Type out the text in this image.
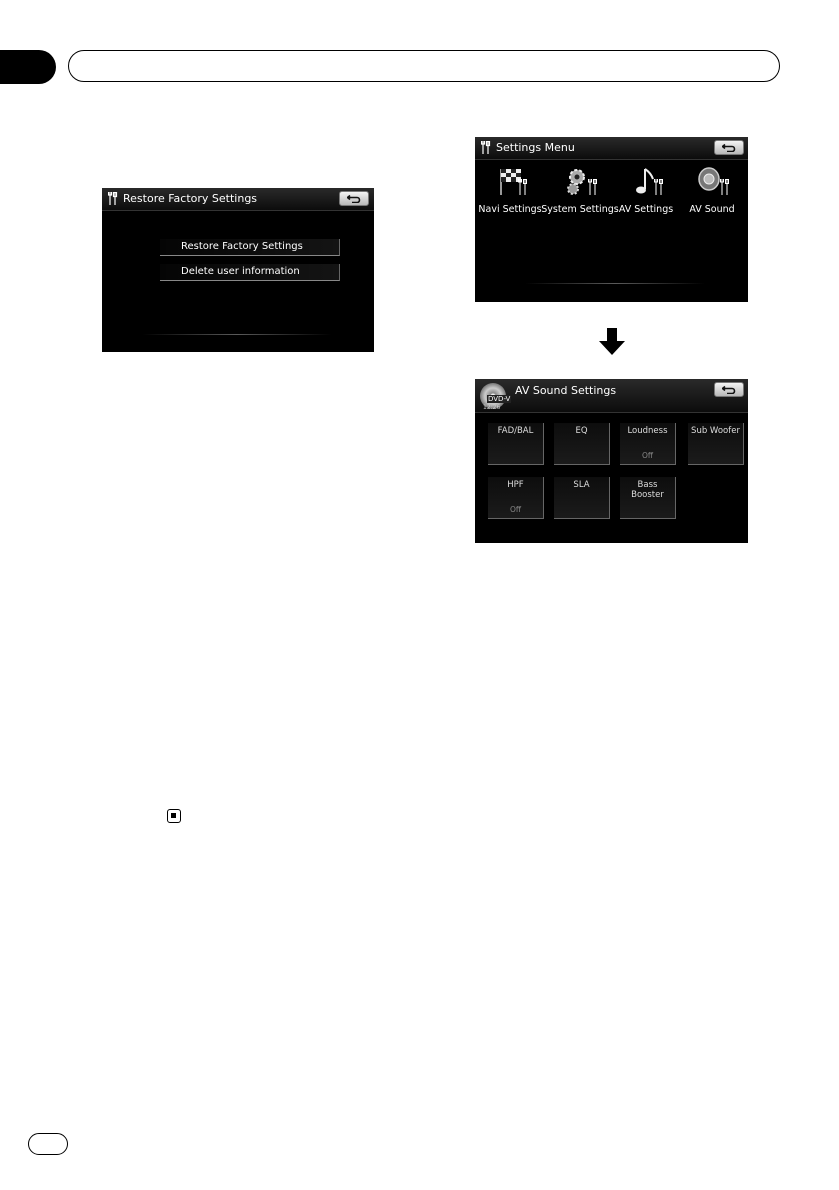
Restore Factory Settings
Restore Factory Settings
Delete user information
Settings Menu
Navi Settings System Settings AV Settings	AV Sound
DVD-V
12:26
AV Sound Settings
FAD/BAL	EQ	Loudness
Off
Sub Woofer
HPF
Off
SLA	Bass Booster
